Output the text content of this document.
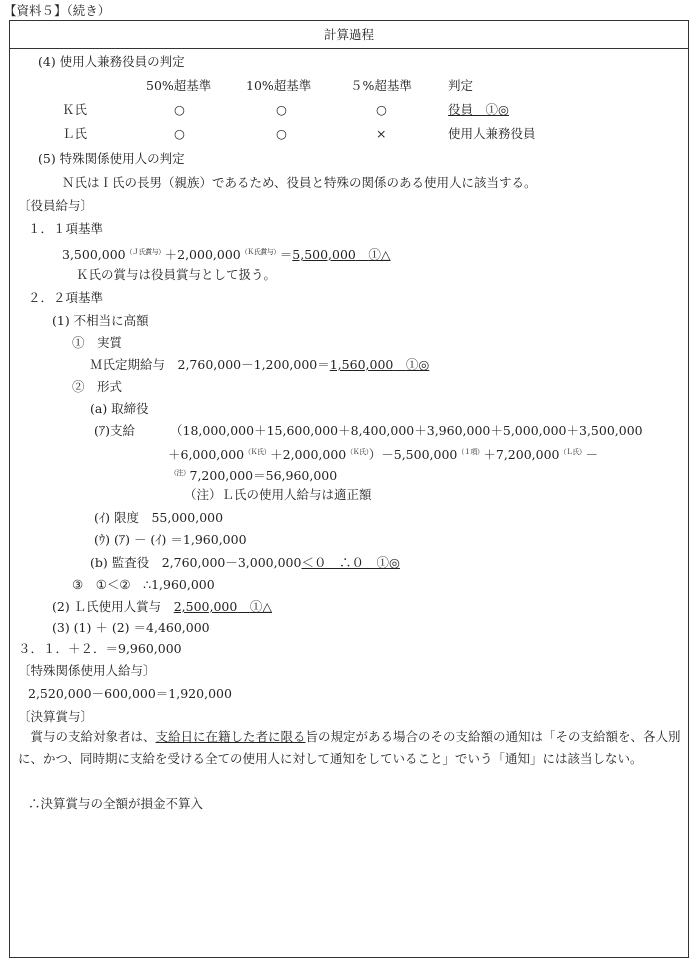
【資料５】（続き）
計算過程
(4) 使用人兼務役員の判定
50%超基準	10%超基準	５%超基準	判定
Ｋ氏	○	○	○	役員　 ①◎
Ｌ氏	○	○	×	使用人兼務役員
(5) 特殊関係使用人の判定
Ｎ氏はＩ氏の長男（親族）であるため、役員と特殊の関係のある使用人に該当する。
〔役員給与〕
１．１項基準
$3,500,000^{(J氏賞与)}+2,000,000^{(K氏賞与)}=5,500,000$　 ①△
Ｋ氏の賞与は役員賞与として扱う。
２．２項基準
(1) 不相当に高額
①　実質
Ｍ氏定期給与　2,760,000－1,200,000＝1,560,000　 ①◎
②　形式
(a) 取締役
(ｱ)支給	（18,000,000＋15,600,000＋8,400,000＋3,960,000＋5,000,000＋3,500,000
$+6,000,000^{(K氏)}+2,000,000^{(K氏)})-5,500,000^{(1項)}+7,200,000^{(L氏)}-$
$^{(注)}$7,200,000＝56,960,000
（注）Ｌ氏の使用人給与は適正額
(ｲ) 限度　55,000,000
(ｳ) (ｱ) － (ｲ) ＝1,960,000
(b) 監査役　2,760,000－3,000,000＜０　∴０　 ①◎
③　①＜②　∴1,960,000
(2) Ｌ氏使用人賞与　2,500,000　 ①△
(3) (1) ＋ (2) ＝4,460,000
３．１．＋２．＝9,960,000
〔特殊関係使用人給与〕
2,520,000－600,000＝1,920,000
〔決算賞与〕
　賞与の支給対象者は、支給日に在籍した者に限る旨の規定がある場合のその支給額の通知は「その支給額を、各人別に、かつ、同時期に支給を受ける全ての使用人に対して通知をしていること」でいう「通知」には該当しない。
∴決算賞与の全額が損金不算入
